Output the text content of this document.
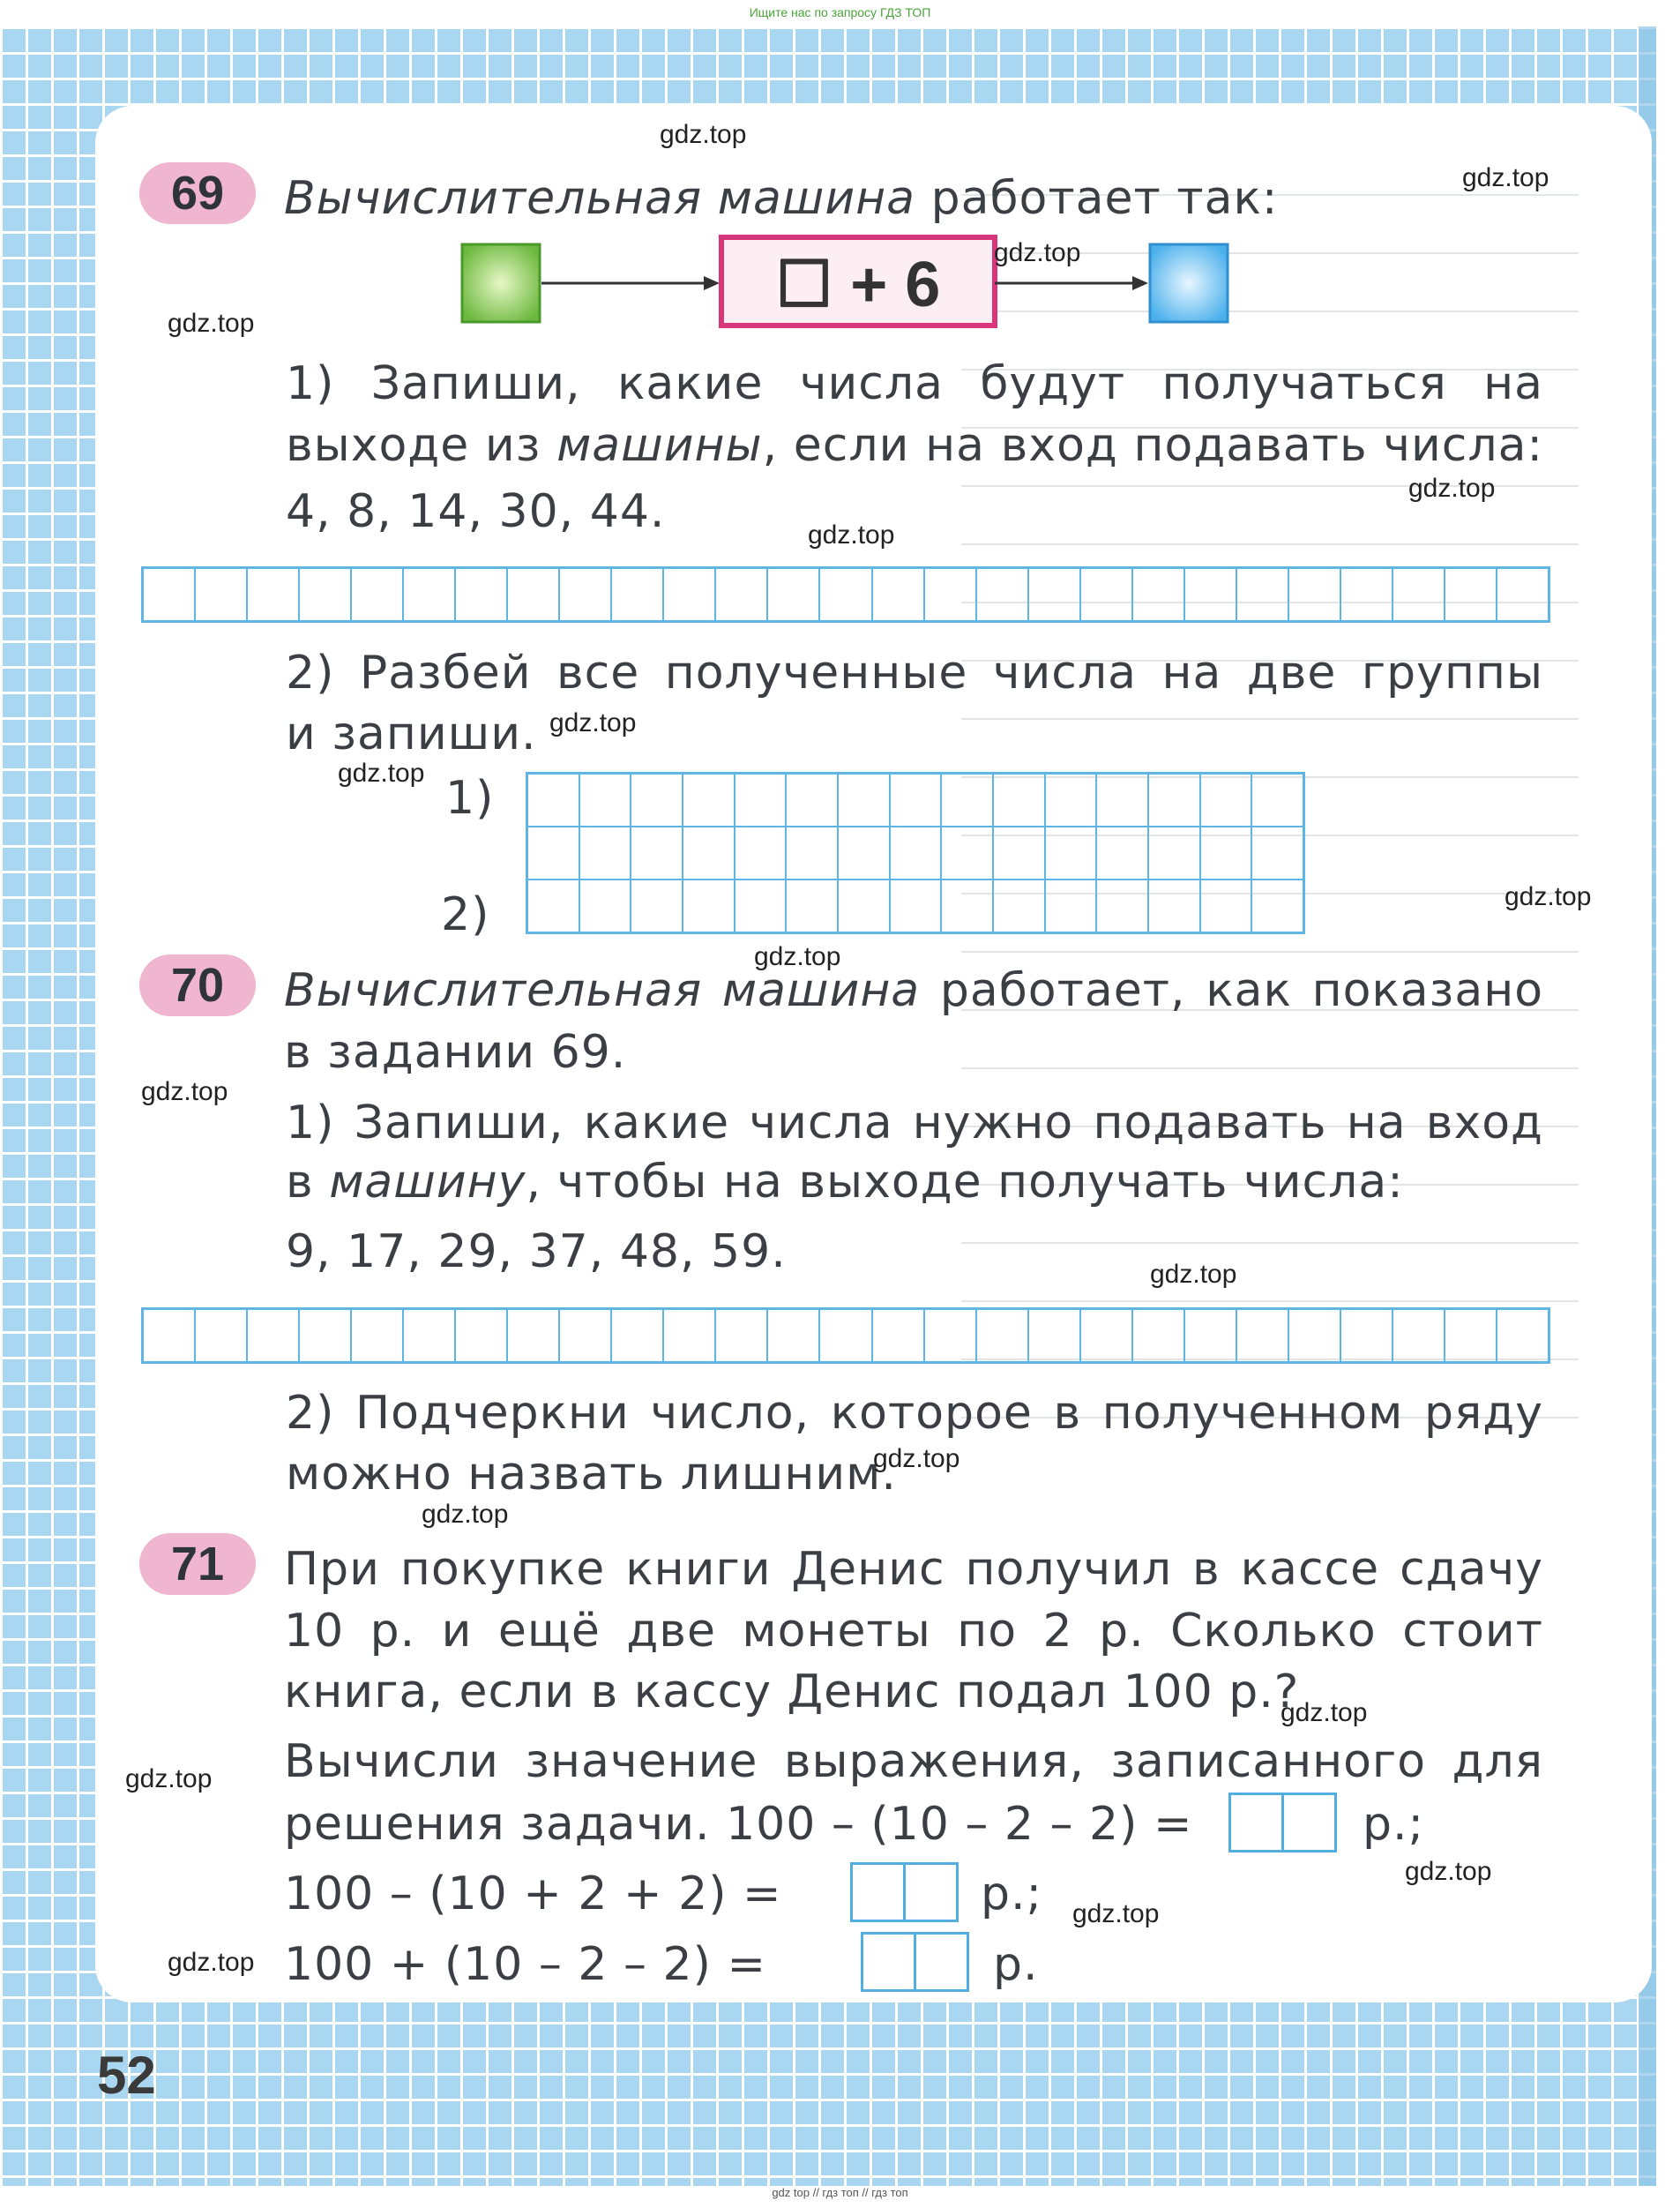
Ищите нас по запросу ГДЗ ТОП
69	Вычислительная машина работает так:
☐ + 6
1) Запиши, какие числа будут получаться на
выходе из машины, если на вход подавать числа:
4, 8, 14, 30, 44.
2) Разбей все полученные числа на две группы
и запиши.
1)
2)
70	Вычислительная машина работает, как показано
в задании 69.
1) Запиши, какие числа нужно подавать на вход
в машину, чтобы на выходе получать числа:
9, 17, 29, 37, 48, 59.
2) Подчеркни число, которое в полученном ряду
можно назвать лишним.
71	При покупке книги Денис получил в кассе сдачу
10 р. и ещё две монеты по 2 р. Сколько стоит
книга, если в кассу Денис подал 100 р.?
Вычисли значение выражения, записанного для
решения задачи. 100 – (10 – 2 – 2) =	р.;
100 – (10 + 2 + 2) =	р.;
100 + (10 – 2 – 2) =	р.
52
gdz.top
gdz.top
gdz.top
gdz.top
gdz.top
gdz.top
gdz.top
gdz.top
gdz.top
gdz.top
gdz.top
gdz.top
gdz.top
gdz.top
gdz.top
gdz.top
gdz.top
gdz.top
gdz.top
gdz top // гдз топ // гдз топ
